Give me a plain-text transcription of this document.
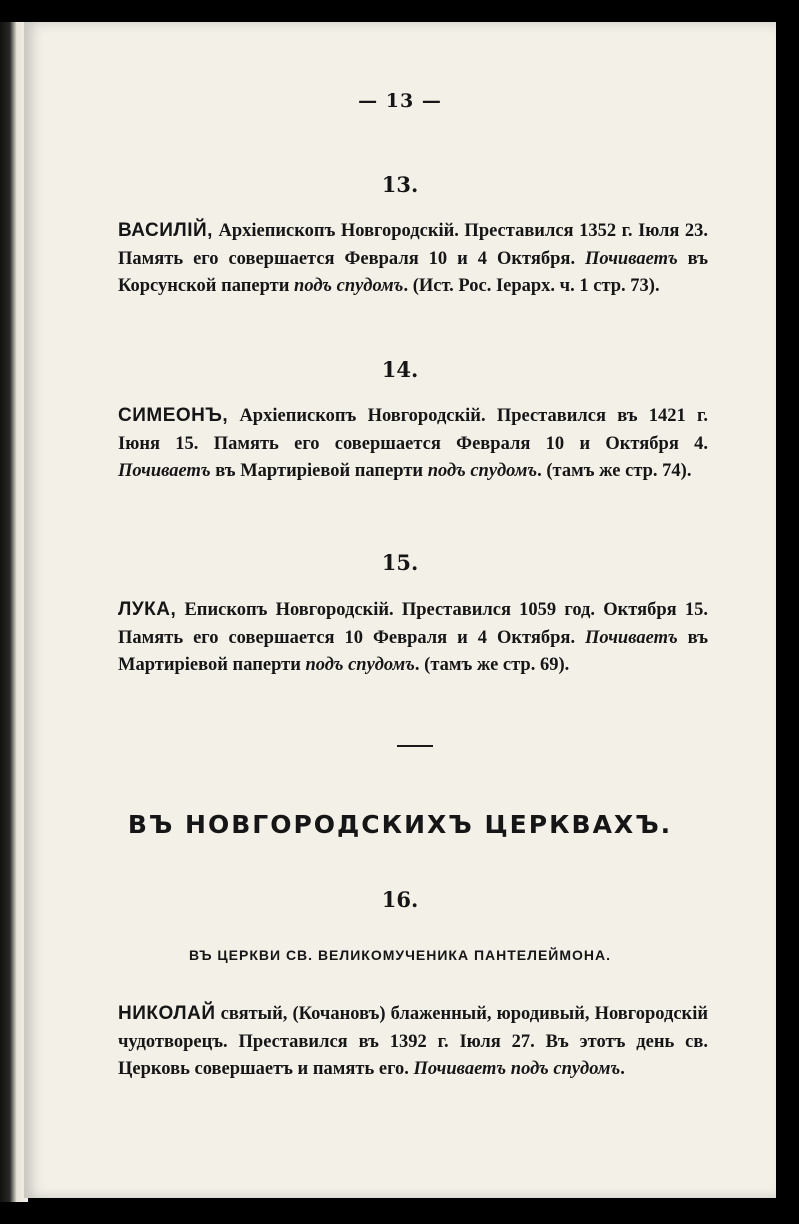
— 13 —
13.
ВАСИЛІЙ, Архіепископъ Новгородскій. Преставился 1352 г. Іюля 23. Память его совершается Февраля 10 и 4 Октября. Почиваетъ въ Корсунской паперти подъ спудомъ. (Ист. Рос. Іерарх. ч. 1 стр. 73).
14.
СИМЕОНЪ, Архіепископъ Новгородскій. Преставился въ 1421 г. Іюня 15. Память его совершается Февраля 10 и Октября 4. Почиваетъ въ Мартиріевой паперти подъ спудомъ. (тамъ же стр. 74).
15.
ЛУКА, Епископъ Новгородскій. Преставился 1059 год. Октября 15. Память его совершается 10 Февраля и 4 Октября. Почиваетъ въ Мартиріевой паперти подъ спудомъ. (тамъ же стр. 69).
ВЪ НОВГОРОДСКИХЪ ЦЕРКВАХЪ.
16.
ВЪ ЦЕРКВИ СВ. ВЕЛИКОМУЧЕНИКА ПАНТЕЛЕЙМОНА.
НИКОЛАЙ святый, (Кочановъ) блаженный, юродивый, Новгородскій чудотворецъ. Преставился въ 1392 г. Іюля 27. Въ этотъ день св. Церковь совершаетъ и память его. Почиваетъ подъ спудомъ.
